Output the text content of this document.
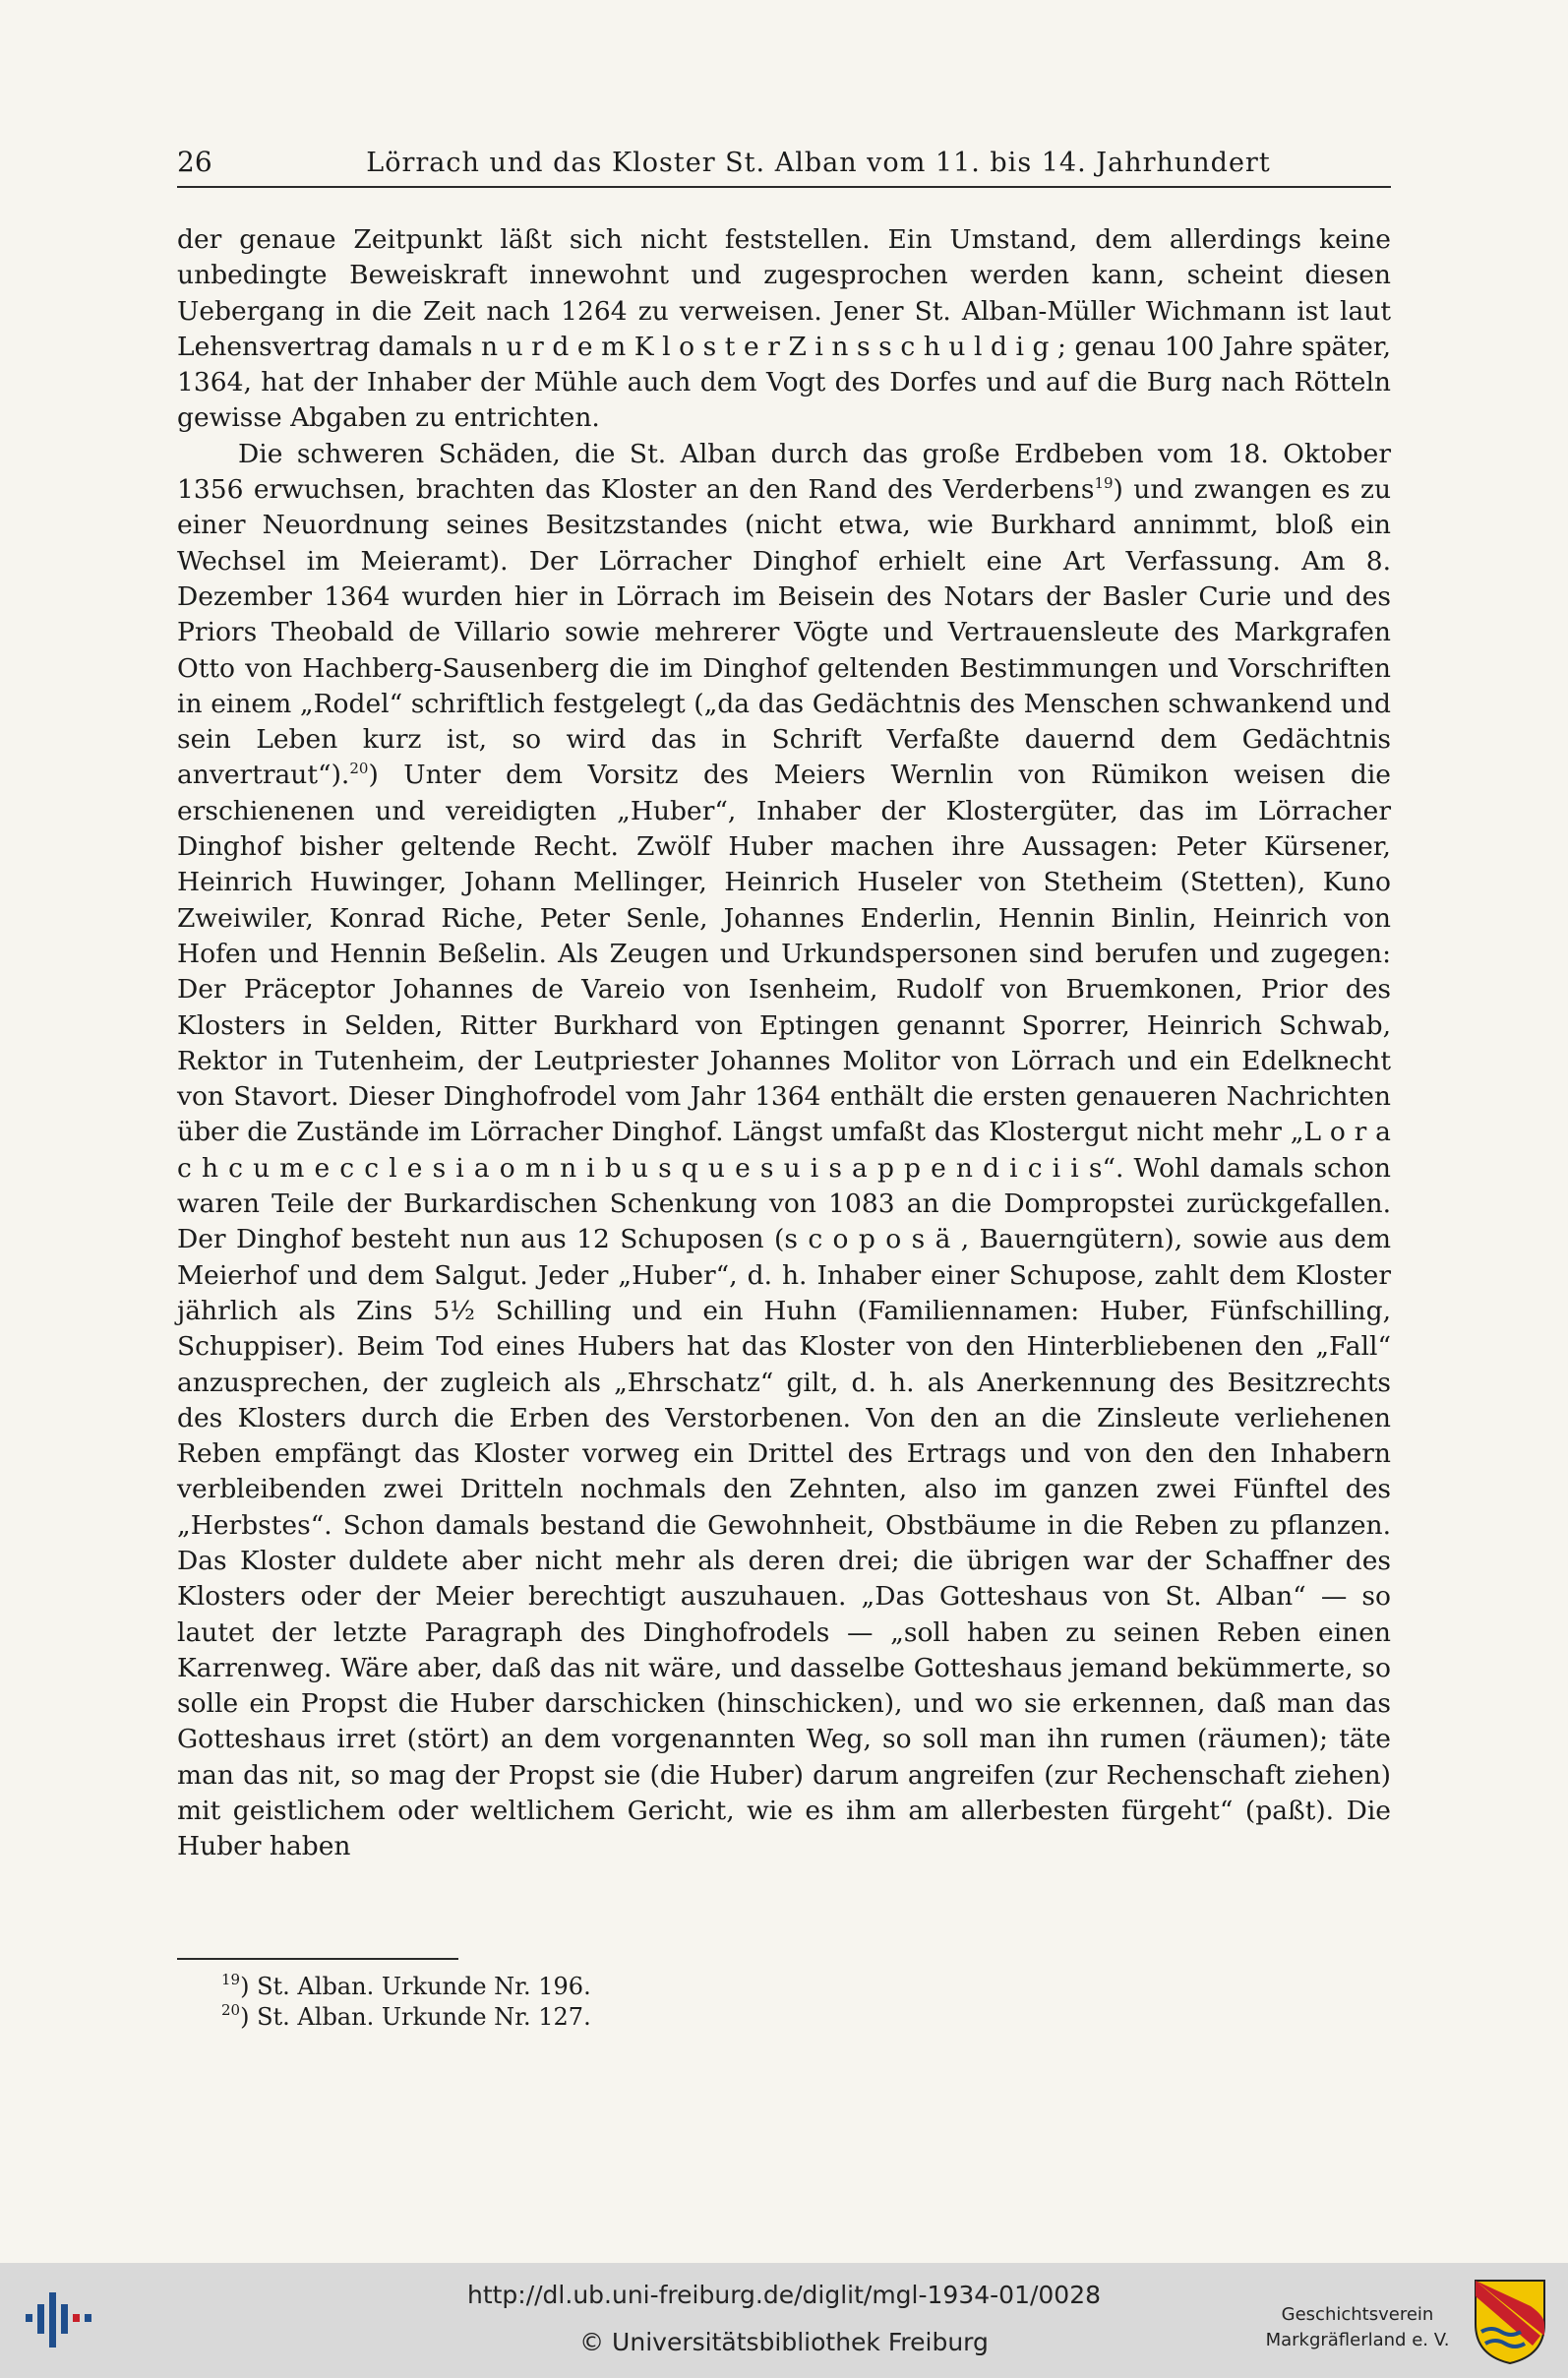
26	Lörrach und das Kloster St. Alban vom 11. bis 14. Jahrhundert

der genaue Zeitpunkt läßt sich nicht feststellen. Ein Umstand, dem allerdings keine unbedingte Beweiskraft innewohnt und zugesprochen werden kann, scheint diesen Uebergang in die Zeit nach 1264 zu verweisen. Jener St. Alban-Müller Wichmann ist laut Lehensvertrag damals n u r d e m K l o s t e r Z i n s s c h u l d i g ; genau 100 Jahre später, 1364, hat der Inhaber der Mühle auch dem Vogt des Dorfes und auf die Burg nach Rötteln gewisse Abgaben zu entrichten.

Die schweren Schäden, die St. Alban durch das große Erdbeben vom 18. Oktober 1356 erwuchsen, brachten das Kloster an den Rand des Verderbens$^{19}$) und zwangen es zu einer Neuordnung seines Besitzstandes (nicht etwa, wie Burkhard annimmt, bloß ein Wechsel im Meieramt). Der Lörracher Dinghof erhielt eine Art Verfassung. Am 8. Dezember 1364 wurden hier in Lörrach im Beisein des Notars der Basler Curie und des Priors Theobald de Villario sowie mehrerer Vögte und Vertrauensleute des Markgrafen Otto von Hachberg-Sausenberg die im Dinghof geltenden Bestimmungen und Vorschriften in einem „Rodel“ schriftlich festgelegt („da das Gedächtnis des Menschen schwankend und sein Leben kurz ist, so wird das in Schrift Verfaßte dauernd dem Gedächtnis anvertraut“).$^{20}$) Unter dem Vorsitz des Meiers Wernlin von Rümikon weisen die erschienenen und vereidigten „Huber“, Inhaber der Klostergüter, das im Lörracher Dinghof bisher geltende Recht. Zwölf Huber machen ihre Aussagen: Peter Kürsener, Heinrich Huwinger, Johann Mellinger, Heinrich Huseler von Stetheim (Stetten), Kuno Zweiwiler, Konrad Riche, Peter Senle, Johannes Enderlin, Hennin Binlin, Heinrich von Hofen und Hennin Beßelin. Als Zeugen und Urkundspersonen sind berufen und zugegen: Der Präceptor Johannes de Vareio von Isenheim, Rudolf von Bruemkonen, Prior des Klosters in Selden, Ritter Burkhard von Eptingen genannt Sporrer, Heinrich Schwab, Rektor in Tutenheim, der Leutpriester Johannes Molitor von Lörrach und ein Edelknecht von Stavort. Dieser Dinghofrodel vom Jahr 1364 enthält die ersten genaueren Nachrichten über die Zustände im Lörracher Dinghof. Längst umfaßt das Klostergut nicht mehr „L o r a c h c u m e c c l e s i a o m n i b u s q u e s u i s a p p e n d i c i i s“. Wohl damals schon waren Teile der Burkardischen Schenkung von 1083 an die Dompropstei zurückgefallen. Der Dinghof besteht nun aus 12 Schuposen (s c o p o s ä , Bauerngütern), sowie aus dem Meierhof und dem Salgut. Jeder „Huber“, d. h. Inhaber einer Schupose, zahlt dem Kloster jährlich als Zins 5½ Schilling und ein Huhn (Familiennamen: Huber, Fünfschilling, Schuppiser). Beim Tod eines Hubers hat das Kloster von den Hinterbliebenen den „Fall“ anzusprechen, der zugleich als „Ehrschatz“ gilt, d. h. als Anerkennung des Besitzrechts des Klosters durch die Erben des Verstorbenen. Von den an die Zinsleute verliehenen Reben empfängt das Kloster vorweg ein Drittel des Ertrags und von den den Inhabern verbleibenden zwei Dritteln nochmals den Zehnten, also im ganzen zwei Fünftel des „Herbstes“. Schon damals bestand die Gewohnheit, Obstbäume in die Reben zu pflanzen. Das Kloster duldete aber nicht mehr als deren drei; die übrigen war der Schaffner des Klosters oder der Meier berechtigt auszuhauen. „Das Gotteshaus von St. Alban“ — so lautet der letzte Paragraph des Dinghofrodels — „soll haben zu seinen Reben einen Karrenweg. Wäre aber, daß das nit wäre, und dasselbe Gotteshaus jemand bekümmerte, so solle ein Propst die Huber darschicken (hinschicken), und wo sie erkennen, daß man das Gotteshaus irret (stört) an dem vorgenannten Weg, so soll man ihn rumen (räumen); täte man das nit, so mag der Propst sie (die Huber) darum angreifen (zur Rechenschaft ziehen) mit geistlichem oder weltlichem Gericht, wie es ihm am allerbesten fürgeht“ (paßt). Die Huber haben

$^{19}$) St. Alban. Urkunde Nr. 196.
$^{20}$) St. Alban. Urkunde Nr. 127.
http://dl.ub.uni-freiburg.de/diglit/mgl-1934-01/0028
© Universitätsbibliothek Freiburg
Geschichtsverein
Markgräflerland e. V.
